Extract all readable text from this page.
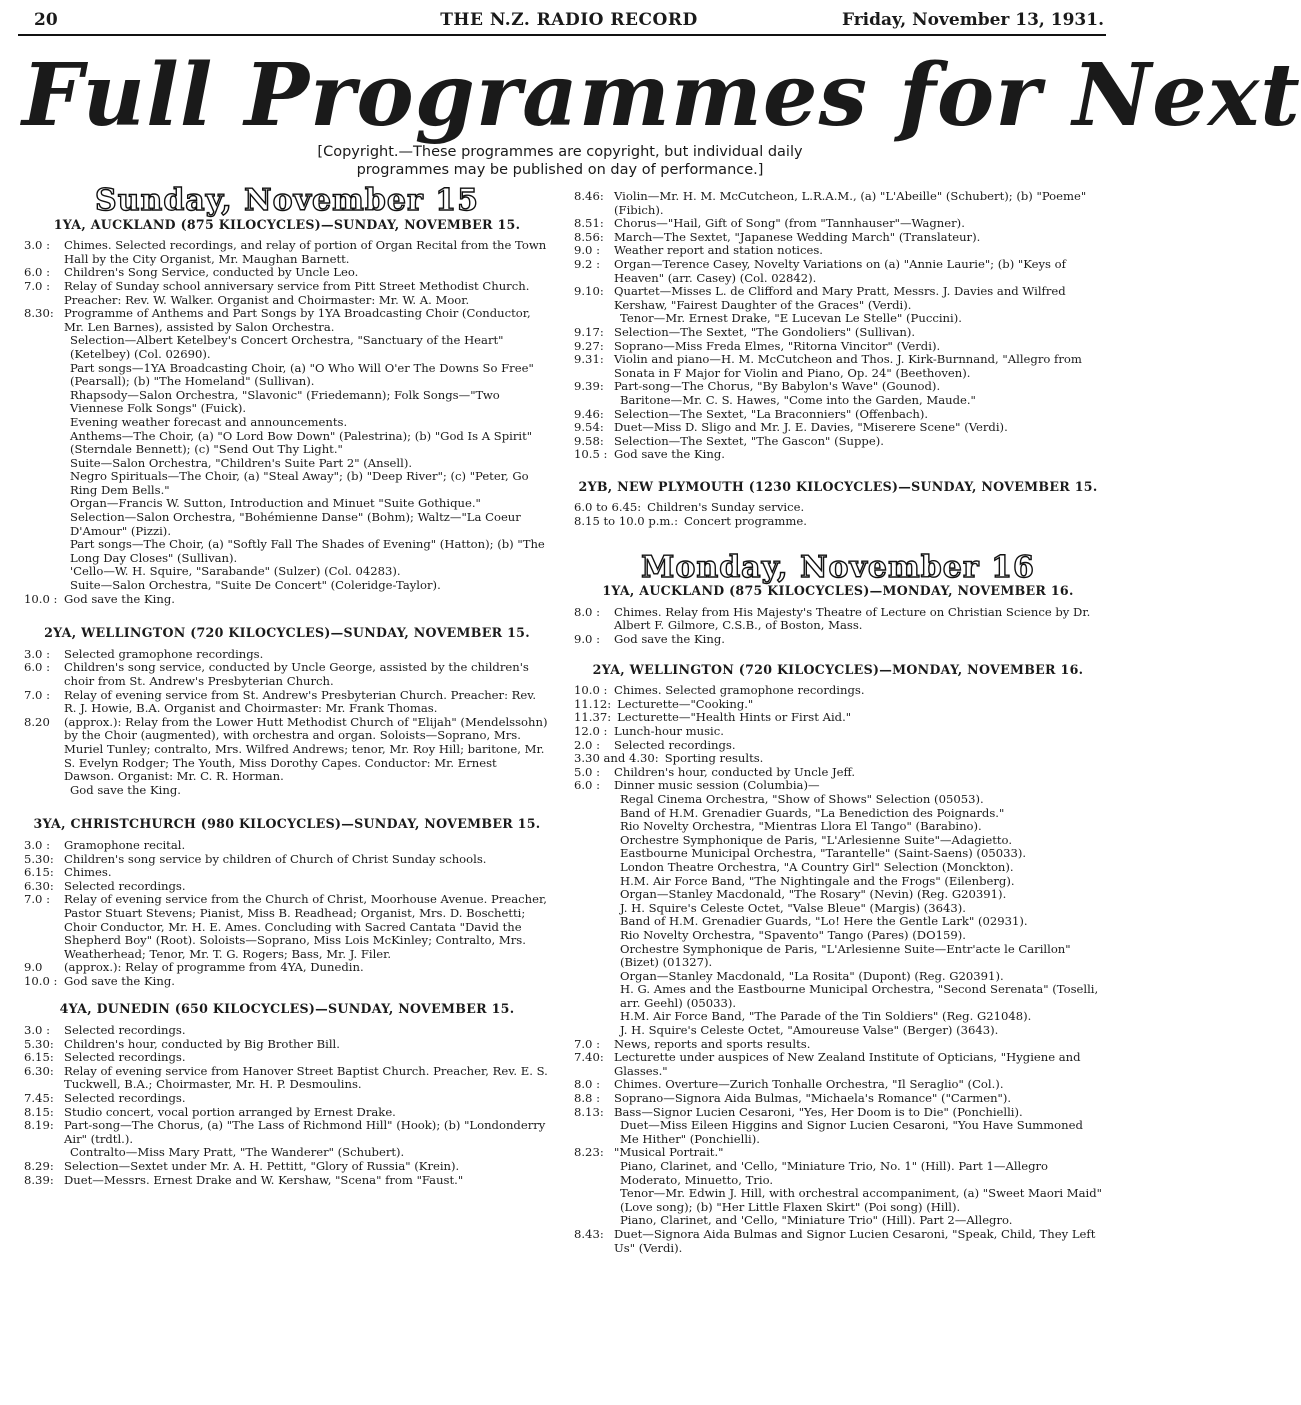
20	THE N.Z. RADIO RECORD	Friday, November 13, 1931.
Full Programmes for Next
[Copyright.—These programmes are copyright, but individual daily programmes may be published on day of performance.]
Sunday, November 15
1YA, AUCKLAND (875 KILOCYCLES)—SUNDAY, NOVEMBER 15.
3.0 :	Chimes. Selected recordings, and relay of portion of Organ Recital from the Town Hall by the City Organist, Mr. Maughan Barnett.
6.0 :	Children's Song Service, conducted by Uncle Leo.
7.0 :	Relay of Sunday school anniversary service from Pitt Street Methodist Church. Preacher: Rev. W. Walker. Organist and Choirmaster: Mr. W. A. Moor.
8.30: Programme of Anthems and Part Songs by 1YA Broadcasting Choir (Conductor, Mr. Len Barnes), assisted by Salon Orchestra.
Selection—Albert Ketelbey's Concert Orchestra, "Sanctuary of the Heart" (Ketelbey) (Col. 02690).
Part songs—1YA Broadcasting Choir, (a) "O Who Will O'er The Downs So Free" (Pearsall); (b) "The Homeland" (Sullivan).
Rhapsody—Salon Orchestra, "Slavonic" (Friedemann); Folk Songs—"Two Viennese Folk Songs" (Fuick).
Evening weather forecast and announcements.
Anthems—The Choir, (a) "O Lord Bow Down" (Palestrina); (b) "God Is A Spirit" (Sterndale Bennett); (c) "Send Out Thy Light."
Suite—Salon Orchestra, "Children's Suite Part 2" (Ansell).
Negro Spirituals—The Choir, (a) "Steal Away"; (b) "Deep River"; (c) "Peter, Go Ring Dem Bells."
Organ—Francis W. Sutton, Introduction and Minuet "Suite Gothique."
Selection—Salon Orchestra, "Bohémienne Danse" (Bohm); Waltz—"La Coeur D'Amour" (Pizzi).
Part songs—The Choir, (a) "Softly Fall The Shades of Evening" (Hatton); (b) "The Long Day Closes" (Sullivan).
'Cello—W. H. Squire, "Sarabande" (Sulzer) (Col. 04283).
Suite—Salon Orchestra, "Suite De Concert" (Coleridge-Taylor).
10.0 : God save the King.
2YA, WELLINGTON (720 KILOCYCLES)—SUNDAY, NOVEMBER 15.
3.0 :	Selected gramophone recordings.
6.0 :	Children's song service, conducted by Uncle George, assisted by the children's choir from St. Andrew's Presbyterian Church.
7.0 :	Relay of evening service from St. Andrew's Presbyterian Church. Preacher: Rev. R. J. Howie, B.A. Organist and Choirmaster: Mr. Frank Thomas.
8.20	(approx.): Relay from the Lower Hutt Methodist Church of "Elijah" (Mendelssohn) by the Choir (augmented), with orchestra and organ. Soloists—Soprano, Mrs. Muriel Tunley; contralto, Mrs. Wilfred Andrews; tenor, Mr. Roy Hill; baritone, Mr. S. Evelyn Rodger; The Youth, Miss Dorothy Capes. Conductor: Mr. Ernest Dawson. Organist: Mr. C. R. Horman.
God save the King.
3YA, CHRISTCHURCH (980 KILOCYCLES)—SUNDAY, NOVEMBER 15.
3.0 :	Gramophone recital.
5.30: Children's song service by children of Church of Christ Sunday schools.
6.15: Chimes.
6.30: Selected recordings.
7.0 :	Relay of evening service from the Church of Christ, Moorhouse Avenue. Preacher, Pastor Stuart Stevens; Pianist, Miss B. Readhead; Organist, Mrs. D. Boschetti; Choir Conductor, Mr. H. E. Ames. Concluding with Sacred Cantata "David the Shepherd Boy" (Root). Soloists—Soprano, Miss Lois McKinley; Contralto, Mrs. Weatherhead; Tenor, Mr. T. G. Rogers; Bass, Mr. J. Filer.
9.0	(approx.): Relay of programme from 4YA, Dunedin.
10.0 : God save the King.
4YA, DUNEDIN (650 KILOCYCLES)—SUNDAY, NOVEMBER 15.
3.0 :	Selected recordings.
5.30: Children's hour, conducted by Big Brother Bill.
6.15: Selected recordings.
6.30: Relay of evening service from Hanover Street Baptist Church. Preacher, Rev. E. S. Tuckwell, B.A.; Choirmaster, Mr. H. P. Desmoulins.
7.45: Selected recordings.
8.15: Studio concert, vocal portion arranged by Ernest Drake.
8.19: Part-song—The Chorus, (a) "The Lass of Richmond Hill" (Hook); (b) "Londonderry Air" (trdtl.).
Contralto—Miss Mary Pratt, "The Wanderer" (Schubert).
8.29: Selection—Sextet under Mr. A. H. Pettitt, "Glory of Russia" (Krein).
8.39: Duet—Messrs. Ernest Drake and W. Kershaw, "Scena" from "Faust."
8.46: Violin—Mr. H. M. McCutcheon, L.R.A.M., (a) "L'Abeille" (Schubert); (b) "Poeme" (Fibich).
8.51: Chorus—"Hail, Gift of Song" (from "Tannhauser"—Wagner).
8.56: March—The Sextet, "Japanese Wedding March" (Translateur).
9.0 :	Weather report and station notices.
9.2 :	Organ—Terence Casey, Novelty Variations on (a) "Annie Laurie"; (b) "Keys of Heaven" (arr. Casey) (Col. 02842).
9.10: Quartet—Misses L. de Clifford and Mary Pratt, Messrs. J. Davies and Wilfred Kershaw, "Fairest Daughter of the Graces" (Verdi).
Tenor—Mr. Ernest Drake, "E Lucevan Le Stelle" (Puccini).
9.17: Selection—The Sextet, "The Gondoliers" (Sullivan).
9.27: Soprano—Miss Freda Elmes, "Ritorna Vincitor" (Verdi).
9.31: Violin and piano—H. M. McCutcheon and Thos. J. Kirk-Burnnand, "Allegro from Sonata in F Major for Violin and Piano, Op. 24" (Beethoven).
9.39: Part-song—The Chorus, "By Babylon's Wave" (Gounod).
Baritone—Mr. C. S. Hawes, "Come into the Garden, Maude."
9.46: Selection—The Sextet, "La Braconniers" (Offenbach).
9.54: Duet—Miss D. Sligo and Mr. J. E. Davies, "Miserere Scene" (Verdi).
9.58: Selection—The Sextet, "The Gascon" (Suppe).
10.5 : God save the King.
2YB, NEW PLYMOUTH (1230 KILOCYCLES)—SUNDAY, NOVEMBER 15.
6.0 to 6.45: Children's Sunday service.
8.15 to 10.0 p.m.: Concert programme.
Monday, November 16
1YA, AUCKLAND (875 KILOCYCLES)—MONDAY, NOVEMBER 16.
8.0 :	Chimes. Relay from His Majesty's Theatre of Lecture on Christian Science by Dr. Albert F. Gilmore, C.S.B., of Boston, Mass.
9.0 :	God save the King.
2YA, WELLINGTON (720 KILOCYCLES)—MONDAY, NOVEMBER 16.
10.0 : Chimes. Selected gramophone recordings.
11.12: Lecturette—"Cooking."
11.37: Lecturette—"Health Hints or First Aid."
12.0 : Lunch-hour music.
2.0 :	Selected recordings.
3.30 and 4.30: Sporting results.
5.0 :	Children's hour, conducted by Uncle Jeff.
6.0 :	Dinner music session (Columbia)—
Regal Cinema Orchestra, "Show of Shows" Selection (05053).
Band of H.M. Grenadier Guards, "La Benediction des Poignards."
Rio Novelty Orchestra, "Mientras Llora El Tango" (Barabino).
Orchestre Symphonique de Paris, "L'Arlesienne Suite"—Adagietto.
Eastbourne Municipal Orchestra, "Tarantelle" (Saint-Saens) (05033).
London Theatre Orchestra, "A Country Girl" Selection (Monckton).
H.M. Air Force Band, "The Nightingale and the Frogs" (Eilenberg).
Organ—Stanley Macdonald, "The Rosary" (Nevin) (Reg. G20391).
J. H. Squire's Celeste Octet, "Valse Bleue" (Margis) (3643).
Band of H.M. Grenadier Guards, "Lo! Here the Gentle Lark" (02931).
Rio Novelty Orchestra, "Spavento" Tango (Pares) (DO159).
Orchestre Symphonique de Paris, "L'Arlesienne Suite—Entr'acte le Carillon" (Bizet) (01327).
Organ—Stanley Macdonald, "La Rosita" (Dupont) (Reg. G20391).
H. G. Ames and the Eastbourne Municipal Orchestra, "Second Serenata" (Toselli, arr. Geehl) (05033).
H.M. Air Force Band, "The Parade of the Tin Soldiers" (Reg. G21048).
J. H. Squire's Celeste Octet, "Amoureuse Valse" (Berger) (3643).
7.0 :	News, reports and sports results.
7.40: Lecturette under auspices of New Zealand Institute of Opticians, "Hygiene and Glasses."
8.0 :	Chimes. Overture—Zurich Tonhalle Orchestra, "Il Seraglio" (Col.).
8.8 :	Soprano—Signora Aida Bulmas, "Michaela's Romance" ("Carmen").
8.13: Bass—Signor Lucien Cesaroni, "Yes, Her Doom is to Die" (Ponchielli).
Duet—Miss Eileen Higgins and Signor Lucien Cesaroni, "You Have Summoned Me Hither" (Ponchielli).
8.23: "Musical Portrait."
Piano, Clarinet, and 'Cello, "Miniature Trio, No. 1" (Hill). Part 1—Allegro Moderato, Minuetto, Trio.
Tenor—Mr. Edwin J. Hill, with orchestral accompaniment, (a) "Sweet Maori Maid" (Love song); (b) "Her Little Flaxen Skirt" (Poi song) (Hill).
Piano, Clarinet, and 'Cello, "Miniature Trio" (Hill). Part 2—Allegro.
8.43: Duet—Signora Aida Bulmas and Signor Lucien Cesaroni, "Speak, Child, They Left Us" (Verdi).
